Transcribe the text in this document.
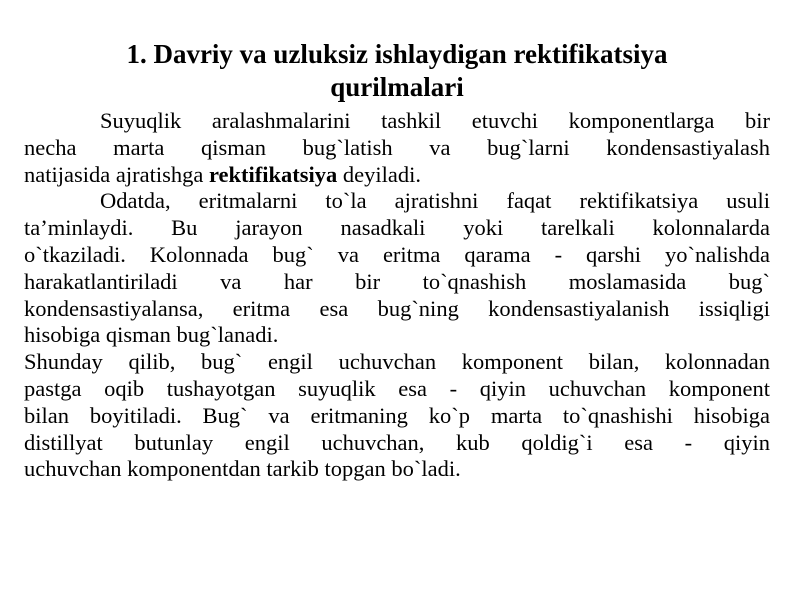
1. Davriy va uzluksiz ishlaydigan rektifikatsiya
qurilmalari

Suyuqlik aralashmalarini tashkil etuvchi komponentlarga bir
necha marta qisman bug`latish va bug`larni kondensastiyalash
natijasida ajratishga rektifikatsiya deyiladi.

Odatda, eritmalarni to`la ajratishni faqat rektifikatsiya usuli
ta’minlaydi. Bu jarayon nasadkali yoki tarelkali kolonnalarda
o`tkaziladi. Kolonnada bug` va eritma qarama - qarshi yo`nalishda
harakatlantiriladi va har bir to`qnashish moslamasida bug`
kondensastiyalansa, eritma esa bug`ning kondensastiyalanish issiqligi
hisobiga qisman bug`lanadi.

Shunday qilib, bug` engil uchuvchan komponent bilan, kolonnadan
pastga oqib tushayotgan suyuqlik esa - qiyin uchuvchan komponent
bilan boyitiladi. Bug` va eritmaning ko`p marta to`qnashishi hisobiga
distillyat butunlay engil uchuvchan, kub qoldig`i esa - qiyin
uchuvchan komponentdan tarkib topgan bo`ladi.
